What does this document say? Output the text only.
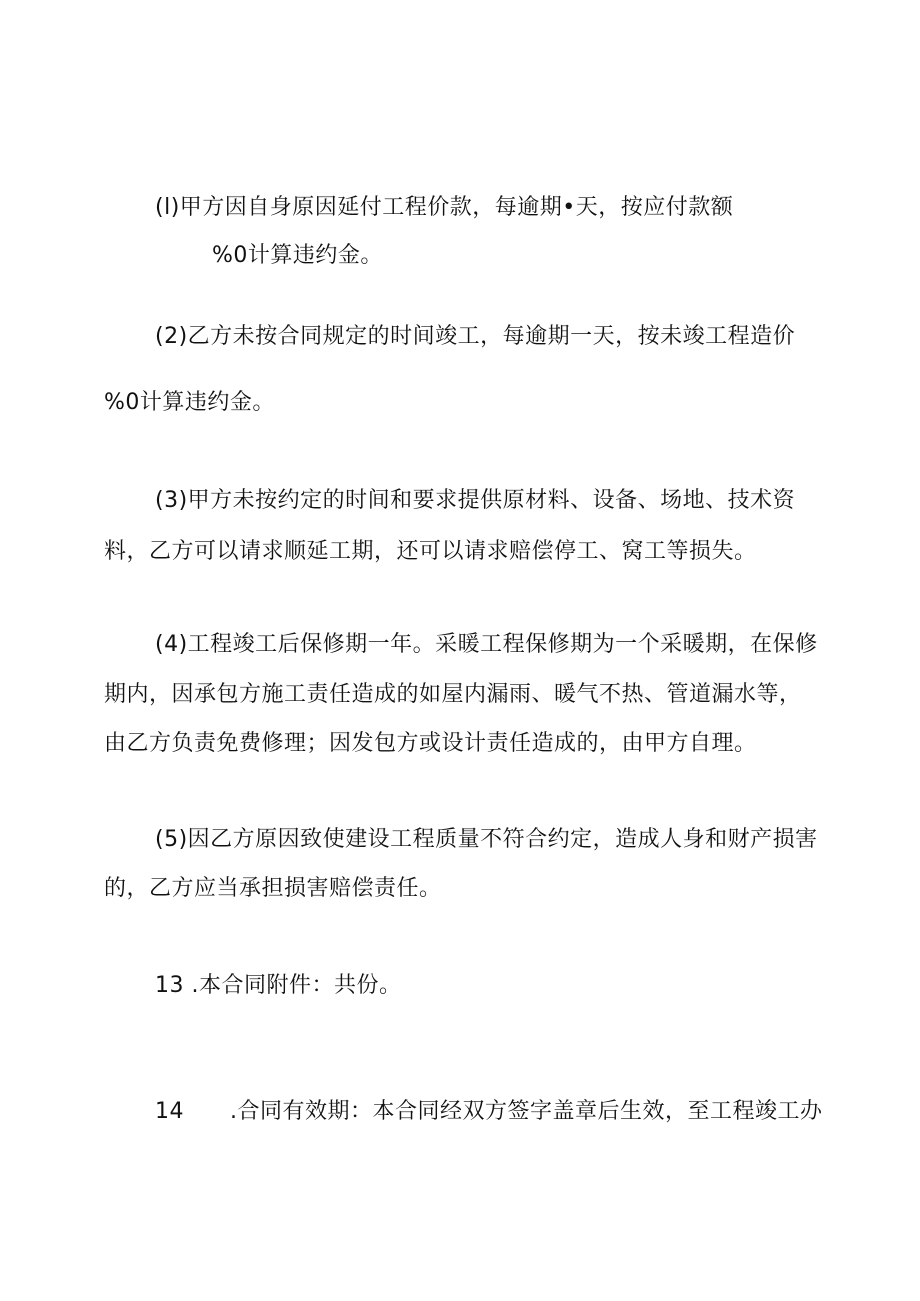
(l)甲方因自身原因延付工程价款，每逾期•天，按应付款额
%0计算违约金。
(2)乙方未按合同规定的时间竣工，每逾期一天，按未竣工程造价
%0计算违约金。
(3)甲方未按约定的时间和要求提供原材料、设备、场地、技术资
料，乙方可以请求顺延工期，还可以请求赔偿停工、窝工等损失。
(4)工程竣工后保修期一年。采暖工程保修期为一个采暖期，在保修
期内，因承包方施工责任造成的如屋内漏雨、暖气不热、管道漏水等，
由乙方负责免费修理；因发包方或设计责任造成的，由甲方自理。
(5)因乙方原因致使建设工程质量不符合约定，造成人身和财产损害
的，乙方应当承担损害赔偿责任。
13 .本合同附件：共份。
14 .合同有效期：本合同经双方签字盖章后生效，至工程竣工办
